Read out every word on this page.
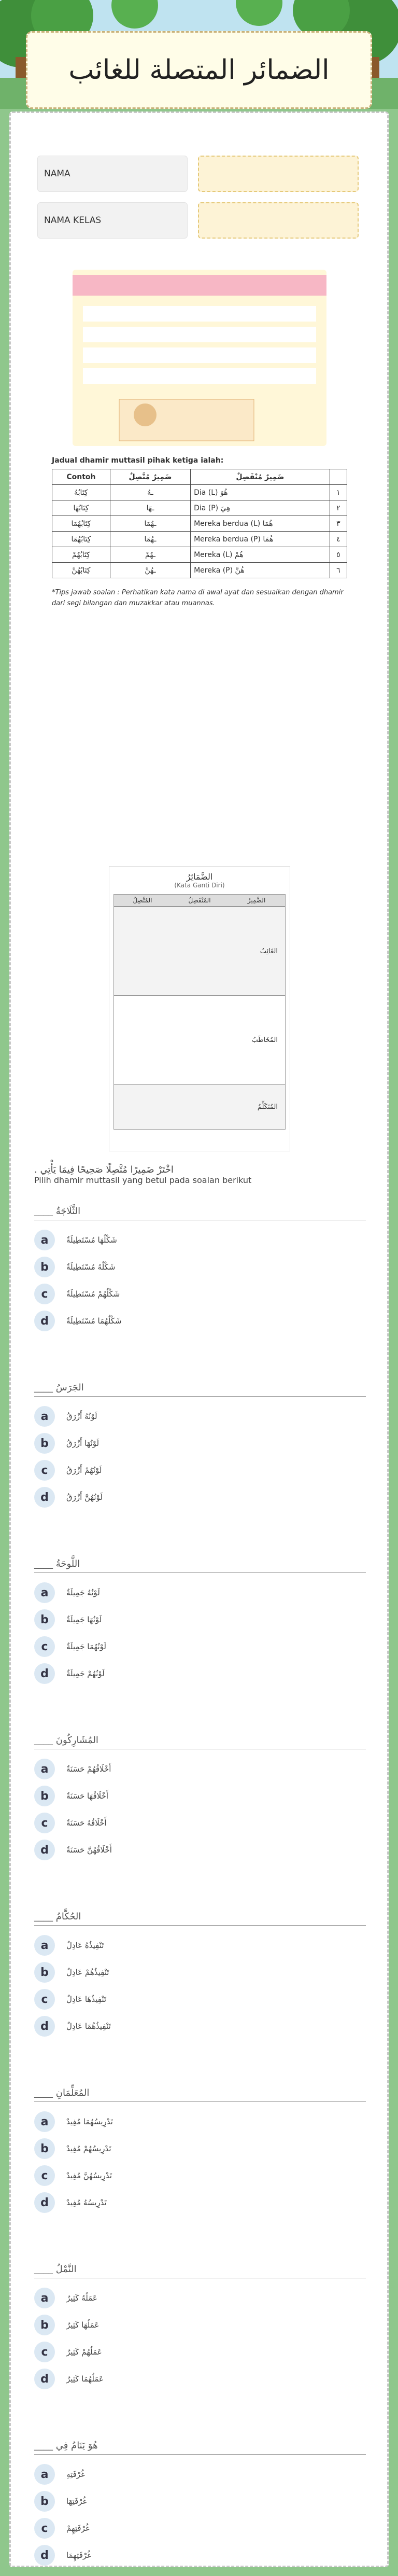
الضمائر المتصلة للغائب
NAMA
NAMA KELAS
Jadual dhamir muttasil pihak ketiga ialah:
Contoh	ضَمِيرٌ مُتَّصِلٌ	ضَمِيرٌ مُنْفَصِلٌ	
كِتَابُهُ	ـهُ	Dia (L) هُوَ	١
كِتَابُهَا	ـهَا	Dia (P) هِيَ	٢
كِتَابُهُمَا	ـهُمَا	Mereka berdua (L) هُمَا	٣
كِتَابُهُمَا	ـهُمَا	Mereka berdua (P) هُمَا	٤
كِتَابُهُمْ	ـهُمْ	Mereka (L) هُمْ	٥
كِتَابُهُنَّ	ـهُنَّ	Mereka (P) هُنَّ	٦
*Tips jawab soalan : Perhatikan kata nama di awal ayat dan sesuaikan dengan dhamir dari segi bilangan dan muzakkar atau muannas.
الضَّمَائِرُ
(Kata Ganti Diri)
المُتَّصِلُ	المُنْفَصِلُ	الضَّمِيرُ
الغَائِبُ
المُخَاطَبُ
المُتَكَلِّمُ
اخْتَرْ ضَمِيرًا مُتَّصِلًا صَحِيحًا فِيمَا يَأْتِي .
Pilih dhamir muttasil yang betul pada soalan berikut
الثَّلَاجَةُ ____
a	شَكْلُهَا مُسْتَطِيلَةٌ
b	شَكْلُهُ مُسْتَطِيلَةٌ
c	شَكْلُهُمْ مُسْتَطِيلَةٌ
d	شَكْلُهُمَا مُسْتَطِيلَةٌ
الجَرَسُ ____
a	لَوْنُهُ أَزْرَقُ
b	لَوْنُهَا أَزْرَقُ
c	لَوْنُهُمْ أَزْرَقُ
d	لَوْنُهُنَّ أَزْرَقُ
اللَّوحَةُ ____
a	لَوْنُهُ جَمِيلَةٌ
b	لَوْنُهَا جَمِيلَةٌ
c	لَوْنُهُمَا جَمِيلَةٌ
d	لَوْنُهُمْ جَمِيلَةٌ
المُشَارِكُونَ ____
a	أَخْلَاقُهُمْ حَسَنَةٌ
b	أَخْلَاقُهَا حَسَنَةٌ
c	أَخْلَاقُهُ حَسَنَةٌ
d	أَخْلَاقُهُنَّ حَسَنَةٌ
الحُكَّامُ ____
a	تَنْفِيذُهُ عَادِلٌ
b	تَنْفِيذُهُمْ عَادِلٌ
c	تَنْفِيذُهَا عَادِلٌ
d	تَنْفِيذُهُمَا عَادِلٌ
المُعَلِّمَانِ ____
a	تَدْرِيسُهُمَا مُفِيدٌ
b	تَدْرِيسُهُمْ مُفِيدٌ
c	تَدْرِيسُهُنَّ مُفِيدٌ
d	تَدْرِيسُهُ مُفِيدٌ
النَّمْلُ ____
a	عَمَلُهُ كَثِيرٌ
b	عَمَلُهَا كَثِيرٌ
c	عَمَلُهُمْ كَثِيرٌ
d	عَمَلُهُمَا كَثِيرٌ
هُوَ يَنَامُ فِي ____
a	غُرْفَتِهِ
b	غُرْفَتِهَا
c	غُرْفَتِهِمْ
d	غُرْفَتِهِمَا
